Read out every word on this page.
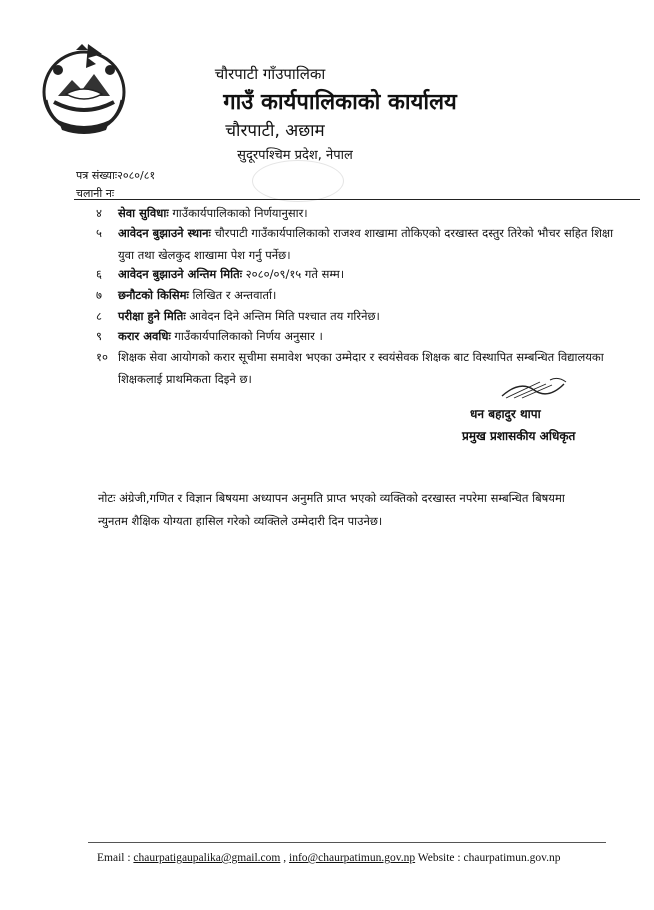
चौरपाटी गाँउपालिका
गाउँ कार्यपालिकाको कार्यालय
चौरपाटी, अछाम
सुदूरपश्चिम प्रदेश, नेपाल
पत्र संख्याः२०८०/८१
चलानी नः
४	सेवा सुविधाः गाउँकार्यपालिकाको निर्णयानुसार।
५	आवेदन बुझाउने स्थानः चौरपाटी गाउँकार्यपालिकाको राजश्व शाखामा तोकिएको दरखास्त दस्तुर तिरेको भौचर सहित शिक्षा युवा तथा खेलकुद शाखामा पेश गर्नु पर्नेछ।
६	आवेदन बुझाउने अन्तिम मितिः २०८०/०९/१५ गते सम्म।
७	छनौटको किसिमः लिखित र अन्तवार्ता।
८	परीक्षा हुने मितिः आवेदन दिने अन्तिम मिति पश्चात तय गरिनेछ।
९	करार अवधिः गाउँकार्यपालिकाको निर्णय अनुसार ।
१० शिक्षक सेवा आयोगको करार सूचीमा समावेश भएका उम्मेदार र स्वयंसेवक शिक्षक बाट विस्थापित सम्बन्धित विद्यालयका शिक्षकलाई प्राथमिकता दिइने छ।
धन बहादुर थापा
प्रमुख प्रशासकीय अधिकृत
नोटः अंग्रेजी,गणित र विज्ञान बिषयमा अध्यापन अनुमति प्राप्त भएको व्यक्तिको दरखास्त नपरेमा सम्बन्धित बिषयमा न्युनतम शैक्षिक योग्यता हासिल गरेको व्यक्तिले उम्मेदारी दिन पाउनेछ।
Email : chaurpatigaupalika@gmail.com , info@chaurpatimun.gov.np Website : chaurpatimun.gov.np
